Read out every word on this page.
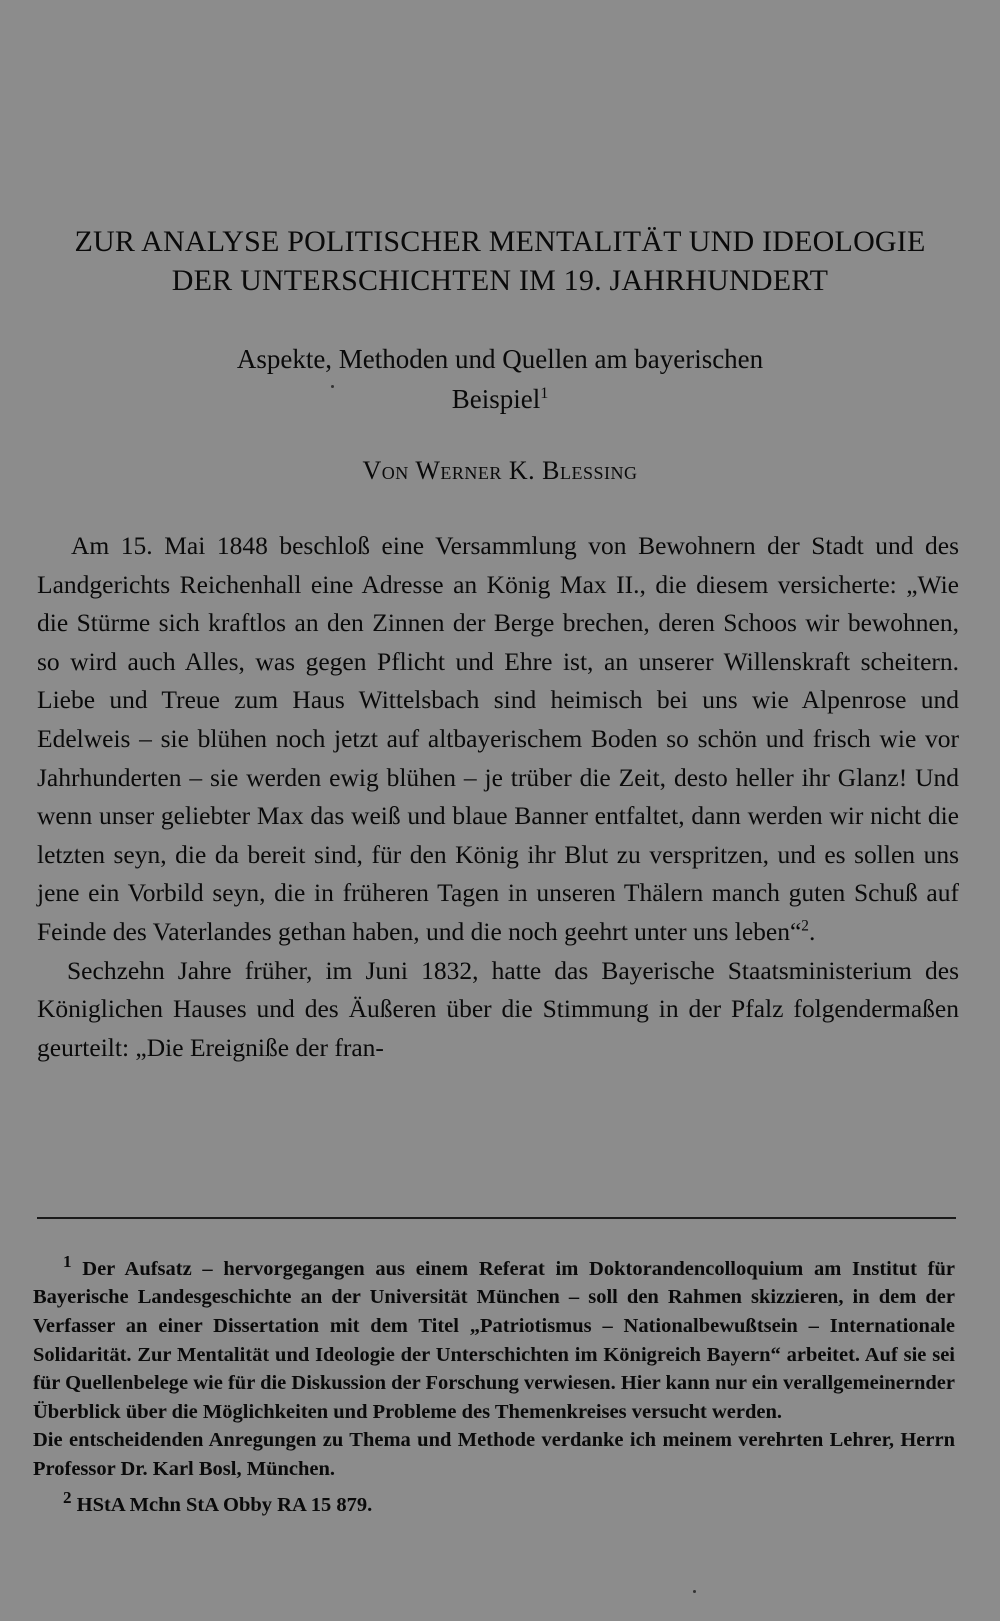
ZUR ANALYSE POLITISCHER MENTALITÄT UND IDEOLOGIE
DER UNTERSCHICHTEN IM 19. JAHRHUNDERT
Aspekte, Methoden und Quellen am bayerischen
Beispiel$^1$
Von Werner K. Blessing

Am 15. Mai 1848 beschloß eine Versammlung von Bewohnern der Stadt und des Landgerichts Reichenhall eine Adresse an König Max II., die diesem versicherte: „Wie die Stürme sich kraftlos an den Zinnen der Berge brechen, deren Schoos wir bewohnen, so wird auch Alles, was gegen Pflicht und Ehre ist, an unserer Willenskraft scheitern. Liebe und Treue zum Haus Wittelsbach sind heimisch bei uns wie Alpenrose und Edelweis – sie blühen noch jetzt auf altbayerischem Boden so schön und frisch wie vor Jahrhunderten – sie werden ewig blühen – je trüber die Zeit, desto heller ihr Glanz! Und wenn unser geliebter Max das weiß und blaue Banner entfaltet, dann werden wir nicht die letzten seyn, die da bereit sind, für den König ihr Blut zu verspritzen, und es sollen uns jene ein Vorbild seyn, die in früheren Tagen in unseren Thälern manch guten Schuß auf Feinde des Vaterlandes gethan haben, und die noch geehrt unter uns leben“$^2$.

Sechzehn Jahre früher, im Juni 1832, hatte das Bayerische Staatsministerium des Königlichen Hauses und des Äußeren über die Stimmung in der Pfalz folgendermaßen geurteilt: „Die Ereigniße der fran-

$^1$ Der Aufsatz – hervorgegangen aus einem Referat im Doktorandencolloquium am Institut für Bayerische Landesgeschichte an der Universität München – soll den Rahmen skizzieren, in dem der Verfasser an einer Dissertation mit dem Titel „Patriotismus – Nationalbewußtsein – Internationale Solidarität. Zur Mentalität und Ideologie der Unterschichten im Königreich Bayern“ arbeitet. Auf sie sei für Quellenbelege wie für die Diskussion der Forschung verwiesen. Hier kann nur ein verallgemeinernder Überblick über die Möglichkeiten und Probleme des Themenkreises versucht werden.

Die entscheidenden Anregungen zu Thema und Methode verdanke ich meinem verehrten Lehrer, Herrn Professor Dr. Karl Bosl, München.

$^2$ HStA Mchn StA Obby RA 15 879.
